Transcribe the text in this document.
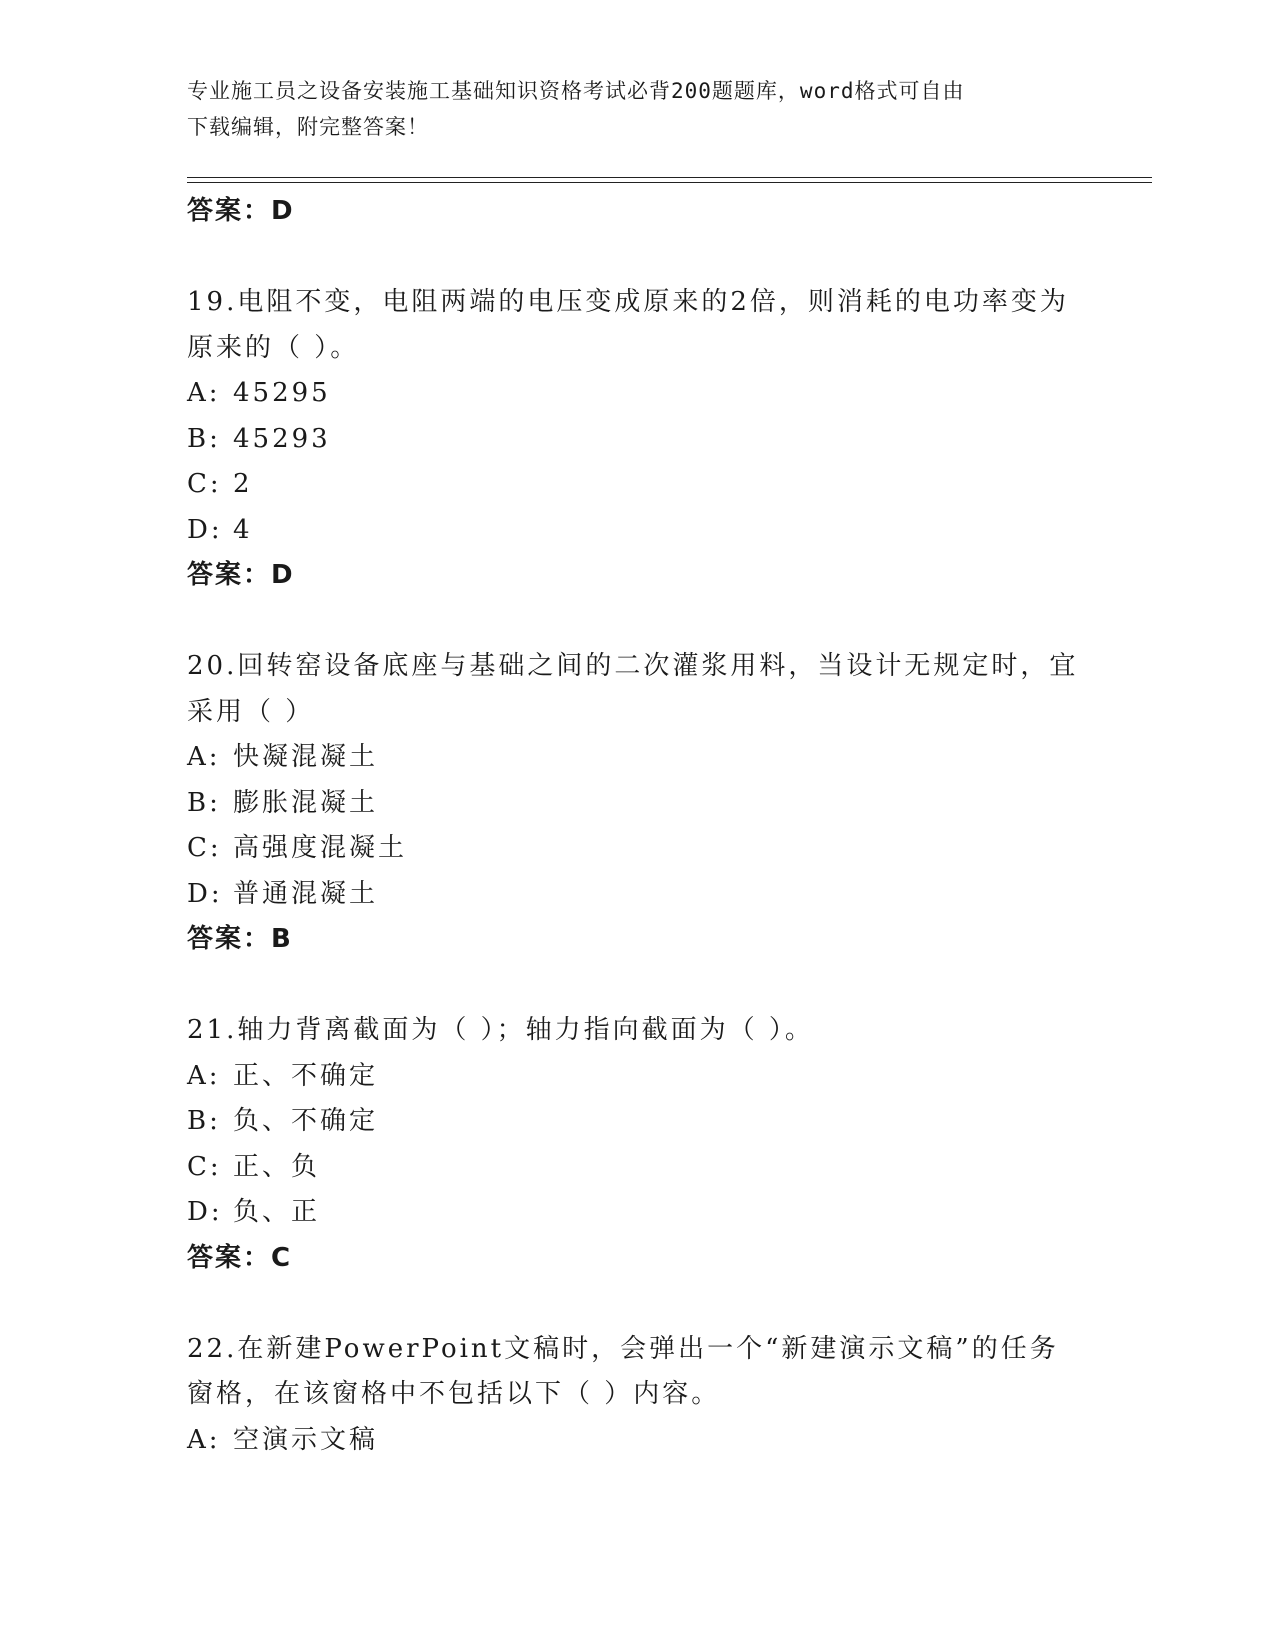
专业施工员之设备安装施工基础知识资格考试必背200题题库，word格式可自由
下载编辑，附完整答案！

答案：D

19.电阻不变，电阻两端的电压变成原来的2倍，则消耗的电功率变为

原来的（ ）。

A: 45295

B: 45293

C: 2

D: 4

答案：D

20.回转窑设备底座与基础之间的二次灌浆用料，当设计无规定时，宜

采用（ ）

A: 快凝混凝土

B: 膨胀混凝土

C: 高强度混凝土

D: 普通混凝土

答案：B

21.轴力背离截面为（ ）；轴力指向截面为（ ）。

A: 正、不确定

B: 负、不确定

C: 正、负

D: 负、正

答案：C

22.在新建PowerPoint文稿时，会弹出一个“新建演示文稿”的任务

窗格，在该窗格中不包括以下（ ）内容。

A: 空演示文稿
